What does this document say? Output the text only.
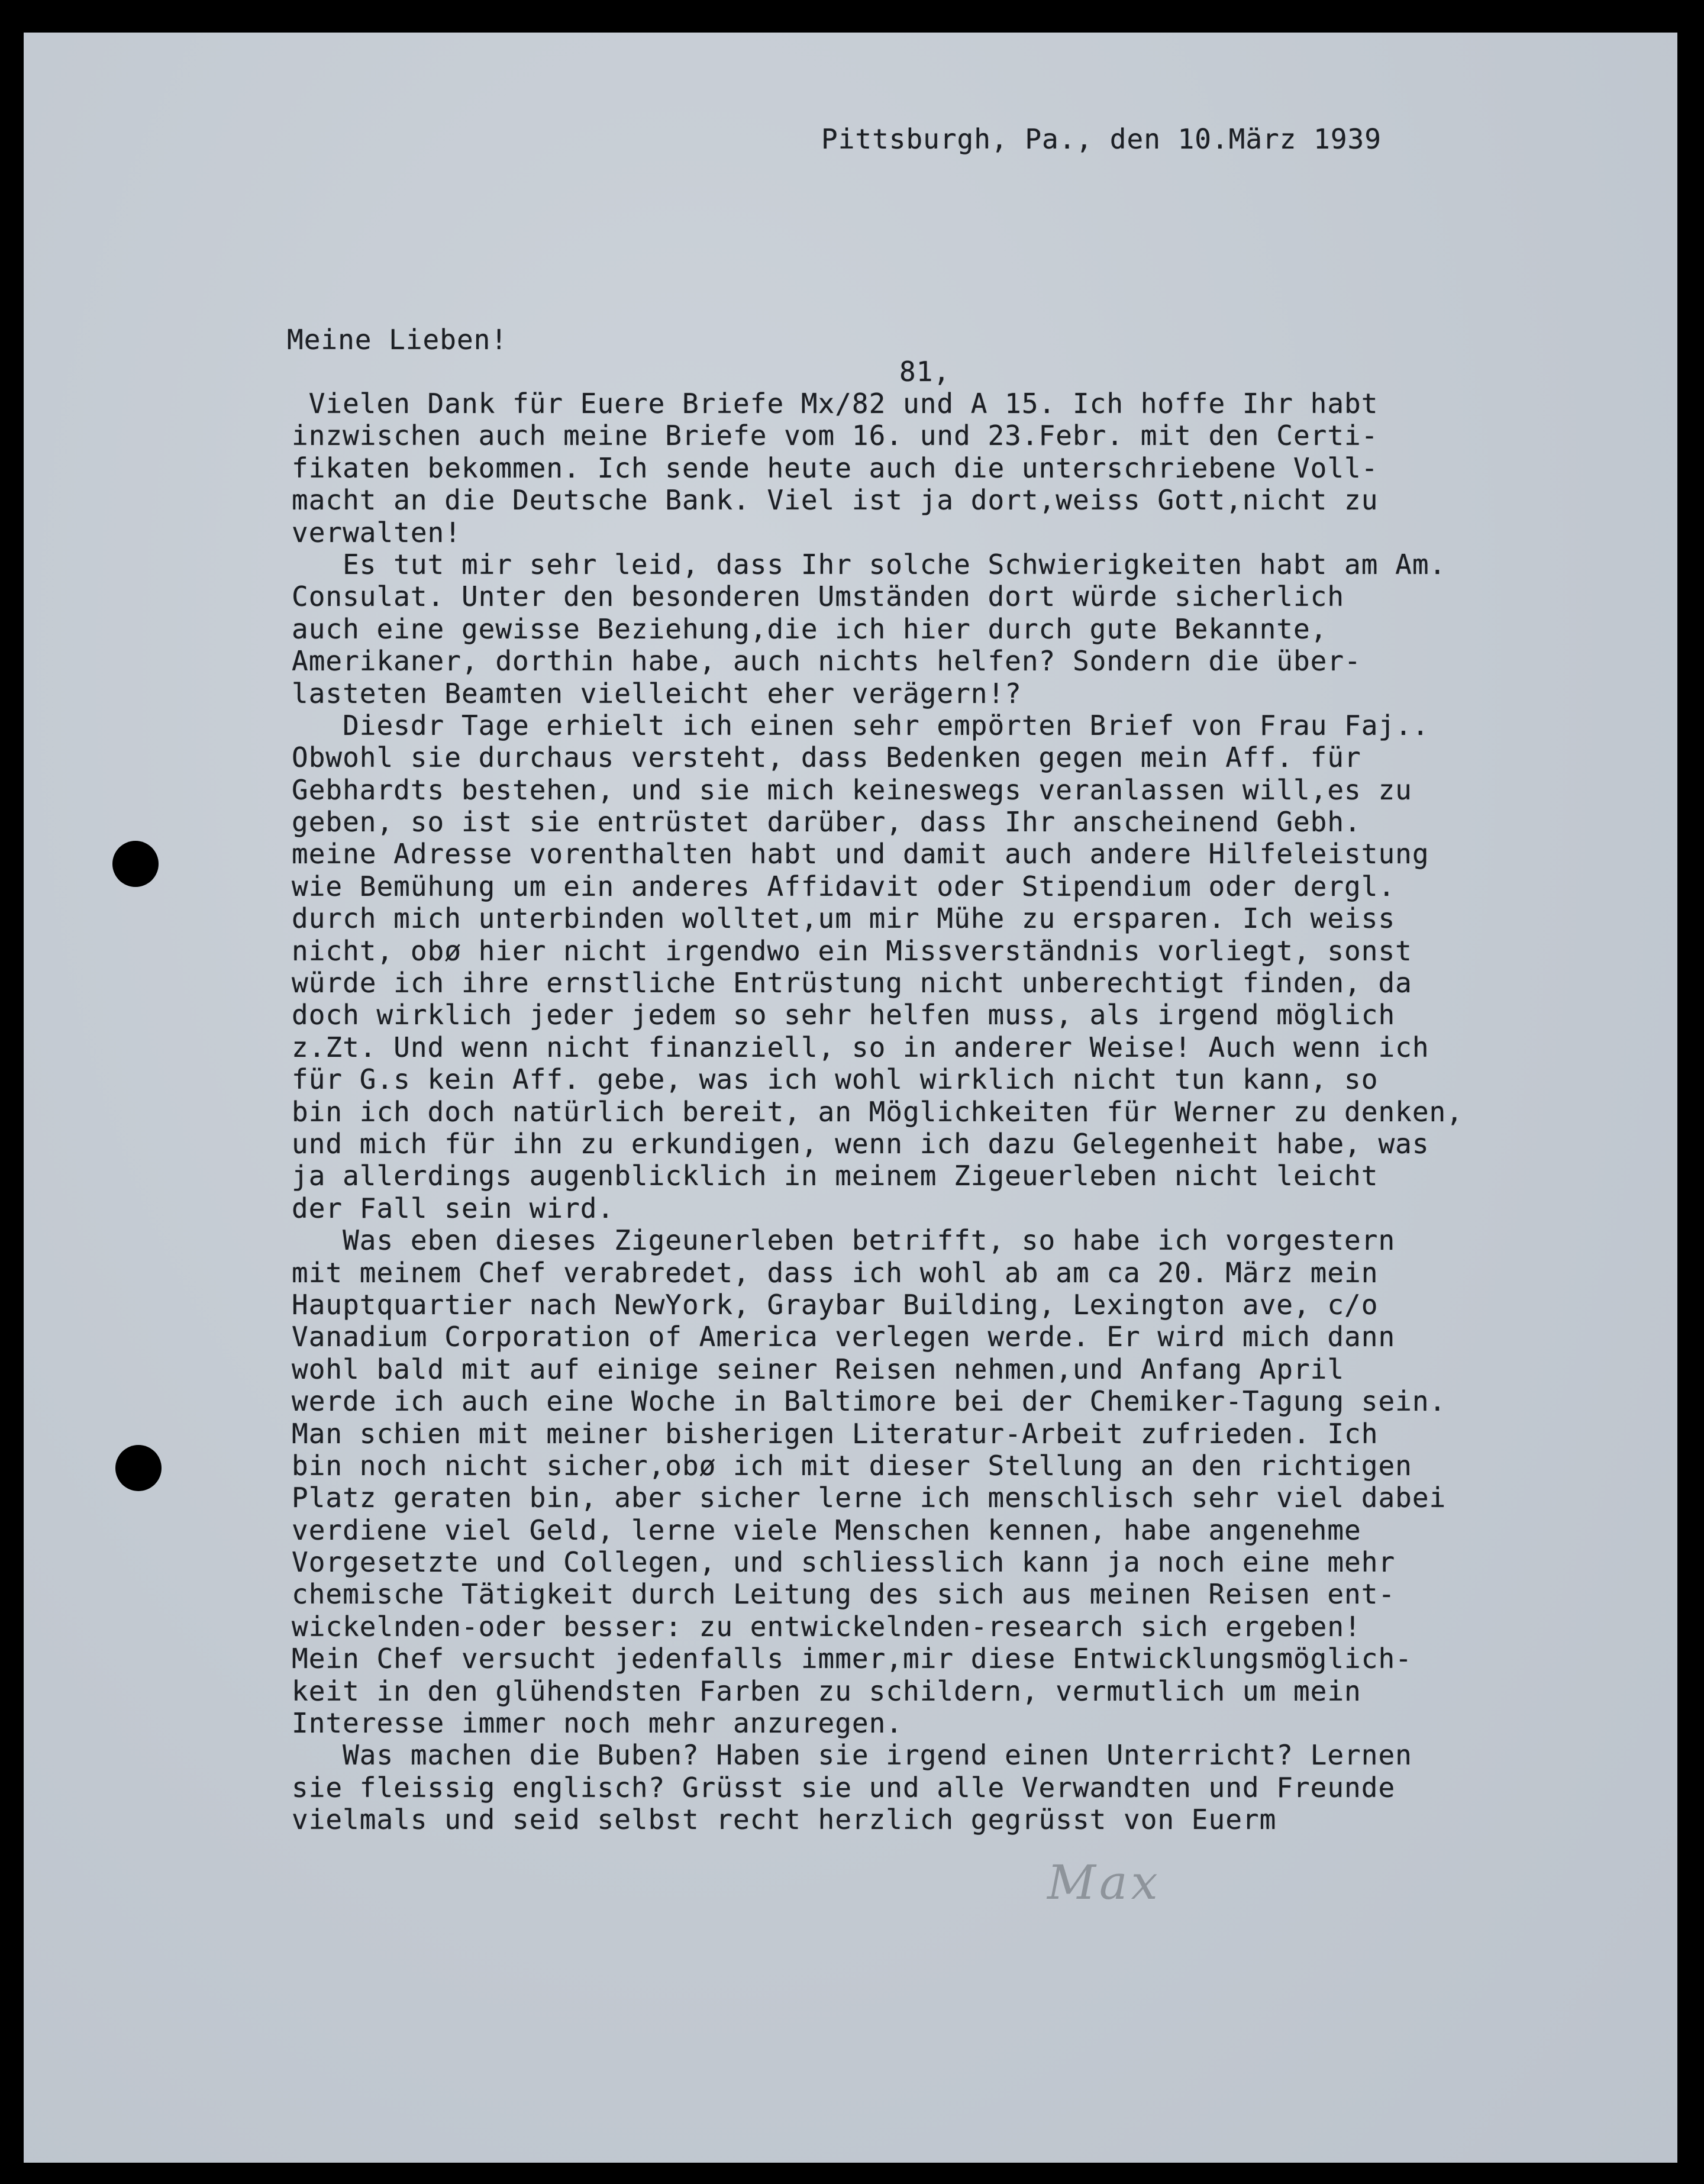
Pittsburgh, Pa., den 10.März 1939
Meine Lieben!
81,
Vielen Dank für Euere Briefe Mx/82 und A 15. Ich hoffe Ihr habt
inzwischen auch meine Briefe vom 16. und 23.Febr. mit den Certi-
fikaten bekommen. Ich sende heute auch die unterschriebene Voll-
macht an die Deutsche Bank. Viel ist ja dort,weiss Gott,nicht zu
verwalten!
Es tut mir sehr leid, dass Ihr solche Schwierigkeiten habt am Am.
Consulat. Unter den besonderen Umständen dort würde sicherlich
auch eine gewisse Beziehung,die ich hier durch gute Bekannte,
Amerikaner, dorthin habe, auch nichts helfen? Sondern die über-
lasteten Beamten vielleicht eher verägern!?
Diesdr Tage erhielt ich einen sehr empörten Brief von Frau Faj..
Obwohl sie durchaus versteht, dass Bedenken gegen mein Aff. für
Gebhardts bestehen, und sie mich keineswegs veranlassen will,es zu
geben, so ist sie entrüstet darüber, dass Ihr anscheinend Gebh.
meine Adresse vorenthalten habt und damit auch andere Hilfeleistung
wie Bemühung um ein anderes Affidavit oder Stipendium oder dergl.
durch mich unterbinden wolltet,um mir Mühe zu ersparen. Ich weiss
nicht, obø hier nicht irgendwo ein Missverständnis vorliegt, sonst
würde ich ihre ernstliche Entrüstung nicht unberechtigt finden, da
doch wirklich jeder jedem so sehr helfen muss, als irgend möglich
z.Zt. Und wenn nicht finanziell, so in anderer Weise! Auch wenn ich
für G.s kein Aff. gebe, was ich wohl wirklich nicht tun kann, so
bin ich doch natürlich bereit, an Möglichkeiten für Werner zu denken,
und mich für ihn zu erkundigen, wenn ich dazu Gelegenheit habe, was
ja allerdings augenblicklich in meinem Zigeuerleben nicht leicht
der Fall sein wird.
Was eben dieses Zigeunerleben betrifft, so habe ich vorgestern
mit meinem Chef verabredet, dass ich wohl ab am ca 20. März mein
Hauptquartier nach NewYork, Graybar Building, Lexington ave, c/o
Vanadium Corporation of America verlegen werde. Er wird mich dann
wohl bald mit auf einige seiner Reisen nehmen,und Anfang April
werde ich auch eine Woche in Baltimore bei der Chemiker-Tagung sein.
Man schien mit meiner bisherigen Literatur-Arbeit zufrieden. Ich
bin noch nicht sicher,obø ich mit dieser Stellung an den richtigen
Platz geraten bin, aber sicher lerne ich menschlisch sehr viel dabei
verdiene viel Geld, lerne viele Menschen kennen, habe angenehme
Vorgesetzte und Collegen, und schliesslich kann ja noch eine mehr
chemische Tätigkeit durch Leitung des sich aus meinen Reisen ent-
wickelnden-oder besser: zu entwickelnden-research sich ergeben!
Mein Chef versucht jedenfalls immer,mir diese Entwicklungsmöglich-
keit in den glühendsten Farben zu schildern, vermutlich um mein
Interesse immer noch mehr anzuregen.
Was machen die Buben? Haben sie irgend einen Unterricht? Lernen
sie fleissig englisch? Grüsst sie und alle Verwandten und Freunde
vielmals und seid selbst recht herzlich gegrüsst von Euerm
Max
